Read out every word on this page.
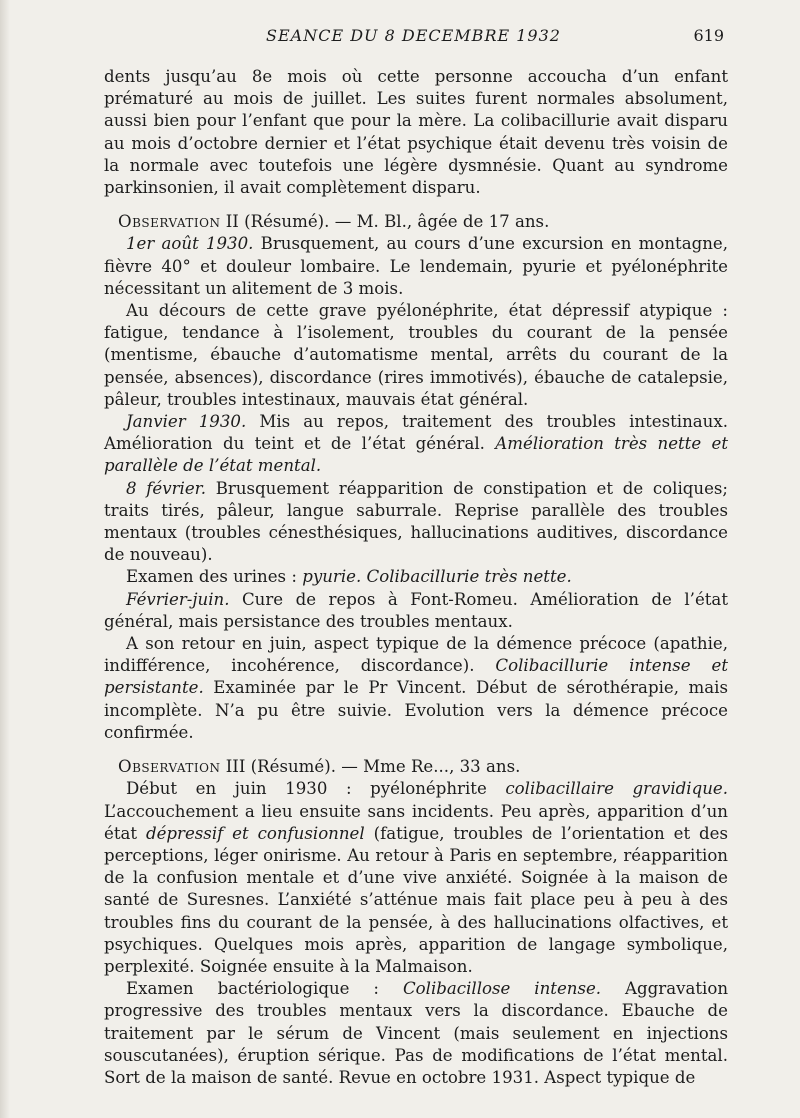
SEANCE DU 8 DECEMBRE 1932	619

dents jusqu’au 8e mois où cette personne accoucha d’un enfant prématuré au mois de juillet. Les suites furent normales absolument, aussi bien pour l’enfant que pour la mère. La colibacillurie avait disparu au mois d’octobre dernier et l’état psychique était devenu très voisin de la normale avec toutefois une légère dysmnésie. Quant au syndrome parkinsonien, il avait complètement disparu.

Observation II (Résumé). — M. Bl., âgée de 17 ans.

1er août 1930. Brusquement, au cours d’une excursion en montagne, fièvre 40° et douleur lombaire. Le lendemain, pyurie et pyélonéphrite nécessitant un alitement de 3 mois.

Au décours de cette grave pyélonéphrite, état dépressif atypique : fatigue, tendance à l’isolement, troubles du courant de la pensée (mentisme, ébauche d’automatisme mental, arrêts du courant de la pensée, absences), discordance (rires immotivés), ébauche de catalepsie, pâleur, troubles intestinaux, mauvais état général.

Janvier 1930. Mis au repos, traitement des troubles intestinaux. Amélioration du teint et de l’état général. Amélioration très nette et parallèle de l’état mental.

8 février. Brusquement réapparition de constipation et de coliques; traits tirés, pâleur, langue saburrale. Reprise parallèle des troubles mentaux (troubles cénesthésiques, hallucinations auditives, discordance de nouveau).

Examen des urines : pyurie. Colibacillurie très nette.

Février-juin. Cure de repos à Font-Romeu. Amélioration de l’état général, mais persistance des troubles mentaux.

A son retour en juin, aspect typique de la démence précoce (apathie, indifférence, incohérence, discordance). Colibacillurie intense et persistante. Examinée par le Pr Vincent. Début de sérothérapie, mais incomplète. N’a pu être suivie. Evolution vers la démence précoce confirmée.

Observation III (Résumé). — Mme Re..., 33 ans.

Début en juin 1930 : pyélonéphrite colibacillaire gravidique. L’accouchement a lieu ensuite sans incidents. Peu après, apparition d’un état dépressif et confusionnel (fatigue, troubles de l’orientation et des perceptions, léger onirisme. Au retour à Paris en septembre, réapparition de la confusion mentale et d’une vive anxiété. Soignée à la maison de santé de Suresnes. L’anxiété s’atténue mais fait place peu à peu à des troubles fins du courant de la pensée, à des hallucinations olfactives, et psychiques. Quelques mois après, apparition de langage symbolique, perplexité. Soignée ensuite à la Malmaison.

Examen bactériologique : Colibacillose intense. Aggravation progressive des troubles mentaux vers la discordance. Ebauche de traitement par le sérum de Vincent (mais seulement en injections souscutanées), éruption sérique. Pas de modifications de l’état mental. Sort de la maison de santé. Revue en octobre 1931. Aspect typique de
